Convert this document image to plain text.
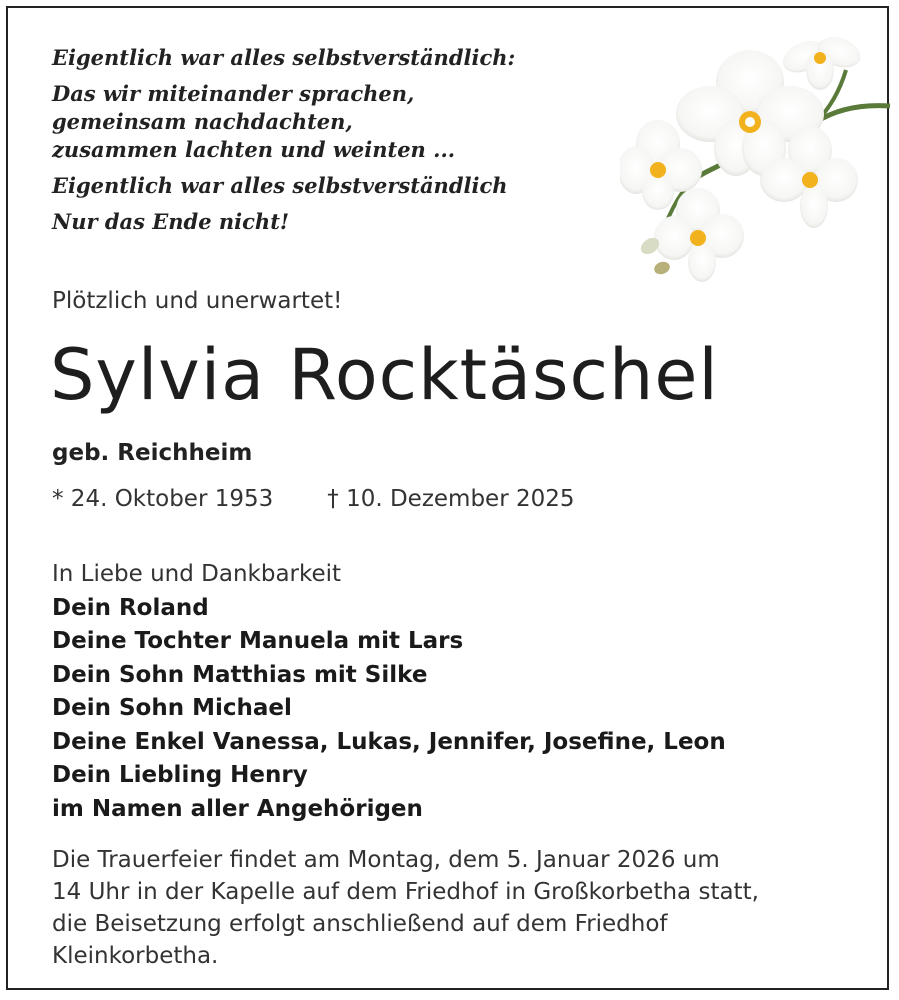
Eigentlich war alles selbstverständlich:
Das wir miteinander sprachen,
gemeinsam nachdachten,
zusammen lachten und weinten ...
Eigentlich war alles selbstverständlich
Nur das Ende nicht!
Plötzlich und unerwartet!
Sylvia Rocktäschel
geb. Reichheim
* 24. Oktober 1953 † 10. Dezember 2025
In Liebe und Dankbarkeit
Dein Roland
Deine Tochter Manuela mit Lars
Dein Sohn Matthias mit Silke
Dein Sohn Michael
Deine Enkel Vanessa, Lukas, Jennifer, Josefine, Leon
Dein Liebling Henry
im Namen aller Angehörigen
Die Trauerfeier findet am Montag, dem 5. Januar 2026 um
14 Uhr in der Kapelle auf dem Friedhof in Großkorbetha statt,
die Beisetzung erfolgt anschließend auf dem Friedhof
Kleinkorbetha.
